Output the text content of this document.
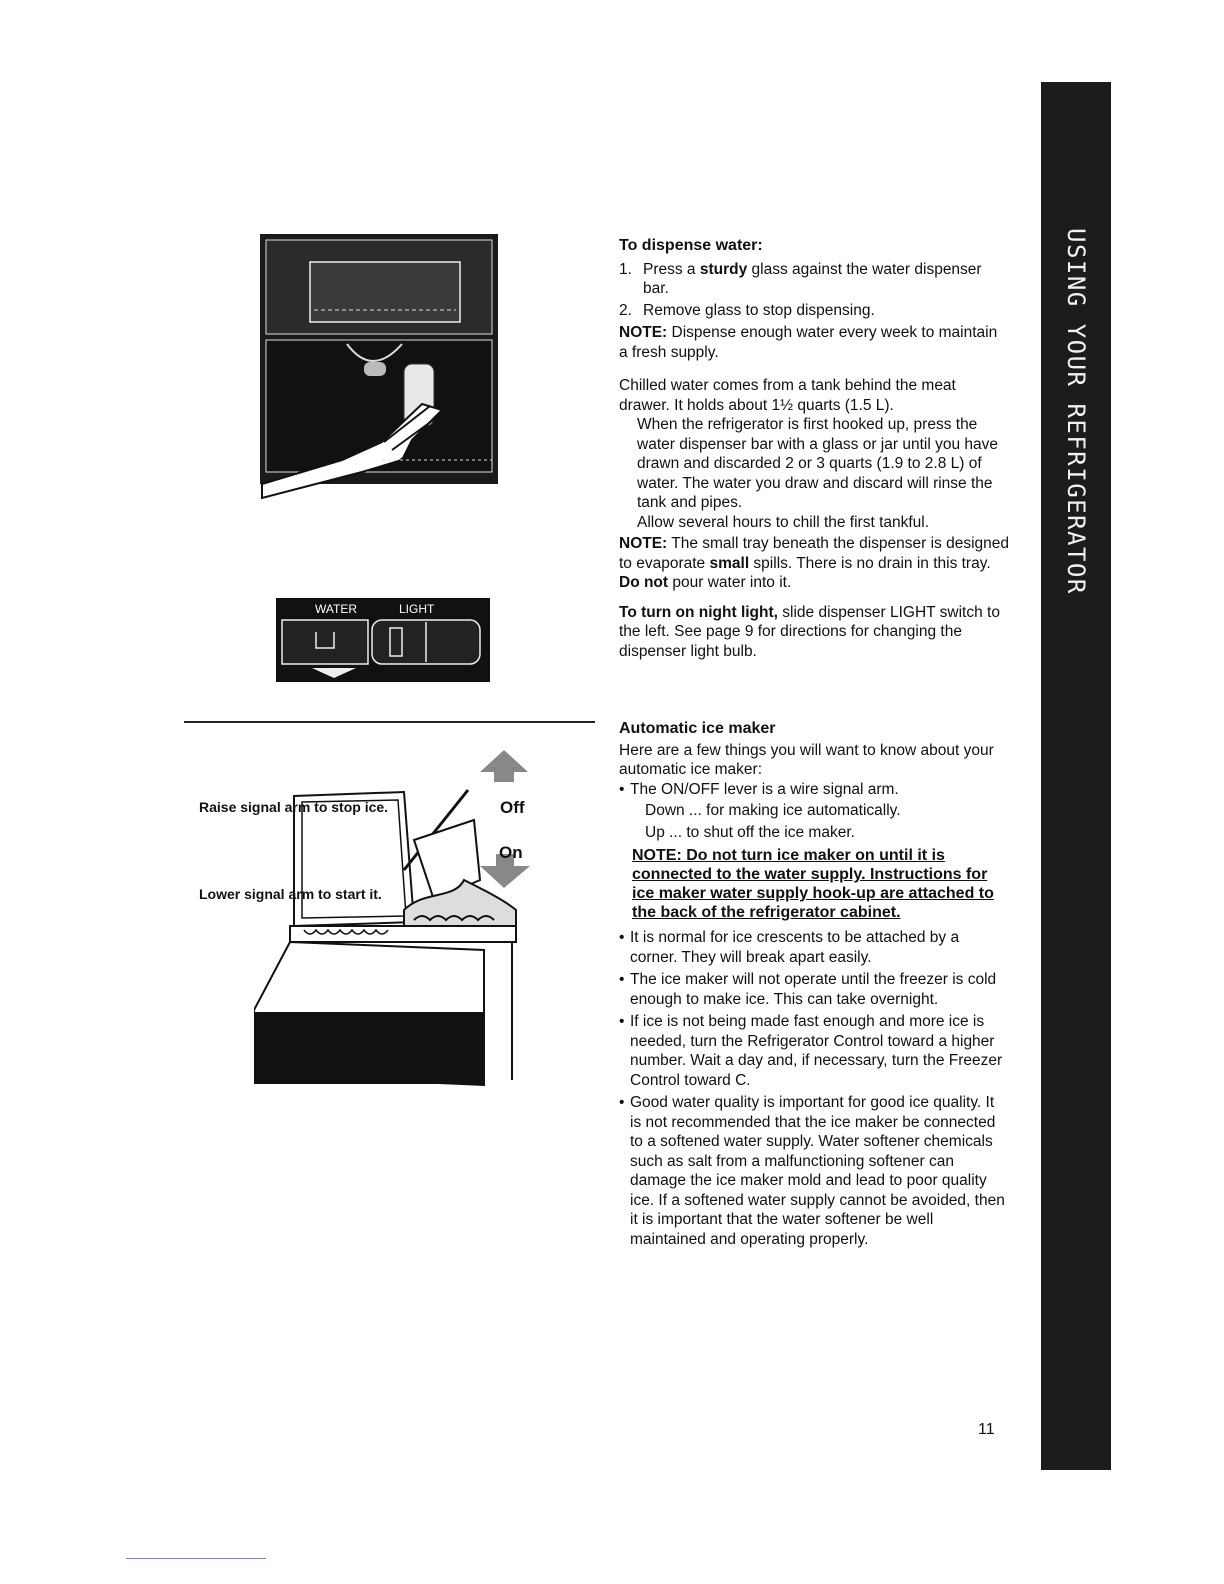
USING YOUR REFRIGERATOR
WATER	LIGHT
Raise signal arm to stop ice.
Lower signal arm to start it.
Off
On

To dispense water:

1. Press a sturdy glass against the water dispenser bar.
2. Remove glass to stop dispensing.

NOTE: Dispense enough water every week to maintain a fresh supply.

Chilled water comes from a tank behind the meat drawer. It holds about 1½ quarts (1.5 L).

When the refrigerator is first hooked up, press the water dispenser bar with a glass or jar until you have drawn and discarded 2 or 3 quarts (1.9 to 2.8 L) of water. The water you draw and discard will rinse the tank and pipes.

Allow several hours to chill the first tankful.

NOTE: The small tray beneath the dispenser is designed to evaporate small spills. There is no drain in this tray. Do not pour water into it.

To turn on night light, slide dispenser LIGHT switch to the left. See page 9 for directions for changing the dispenser light bulb.

Automatic ice maker

Here are a few things you will want to know about your automatic ice maker:

• The ON/OFF lever is a wire signal arm.

Down ... for making ice automatically.

Up ... to shut off the ice maker.

NOTE: Do not turn ice maker on until it is connected to the water supply. Instructions for ice maker water supply hook-up are attached to the back of the refrigerator cabinet.

• It is normal for ice crescents to be attached by a corner. They will break apart easily.
• The ice maker will not operate until the freezer is cold enough to make ice. This can take overnight.
• If ice is not being made fast enough and more ice is needed, turn the Refrigerator Control toward a higher number. Wait a day and, if necessary, turn the Freezer Control toward C.
• Good water quality is important for good ice quality. It is not recommended that the ice maker be connected to a softened water supply. Water softener chemicals such as salt from a malfunctioning softener can damage the ice maker mold and lead to poor quality ice. If a softened water supply cannot be avoided, then it is important that the water softener be well maintained and operating properly.
11
